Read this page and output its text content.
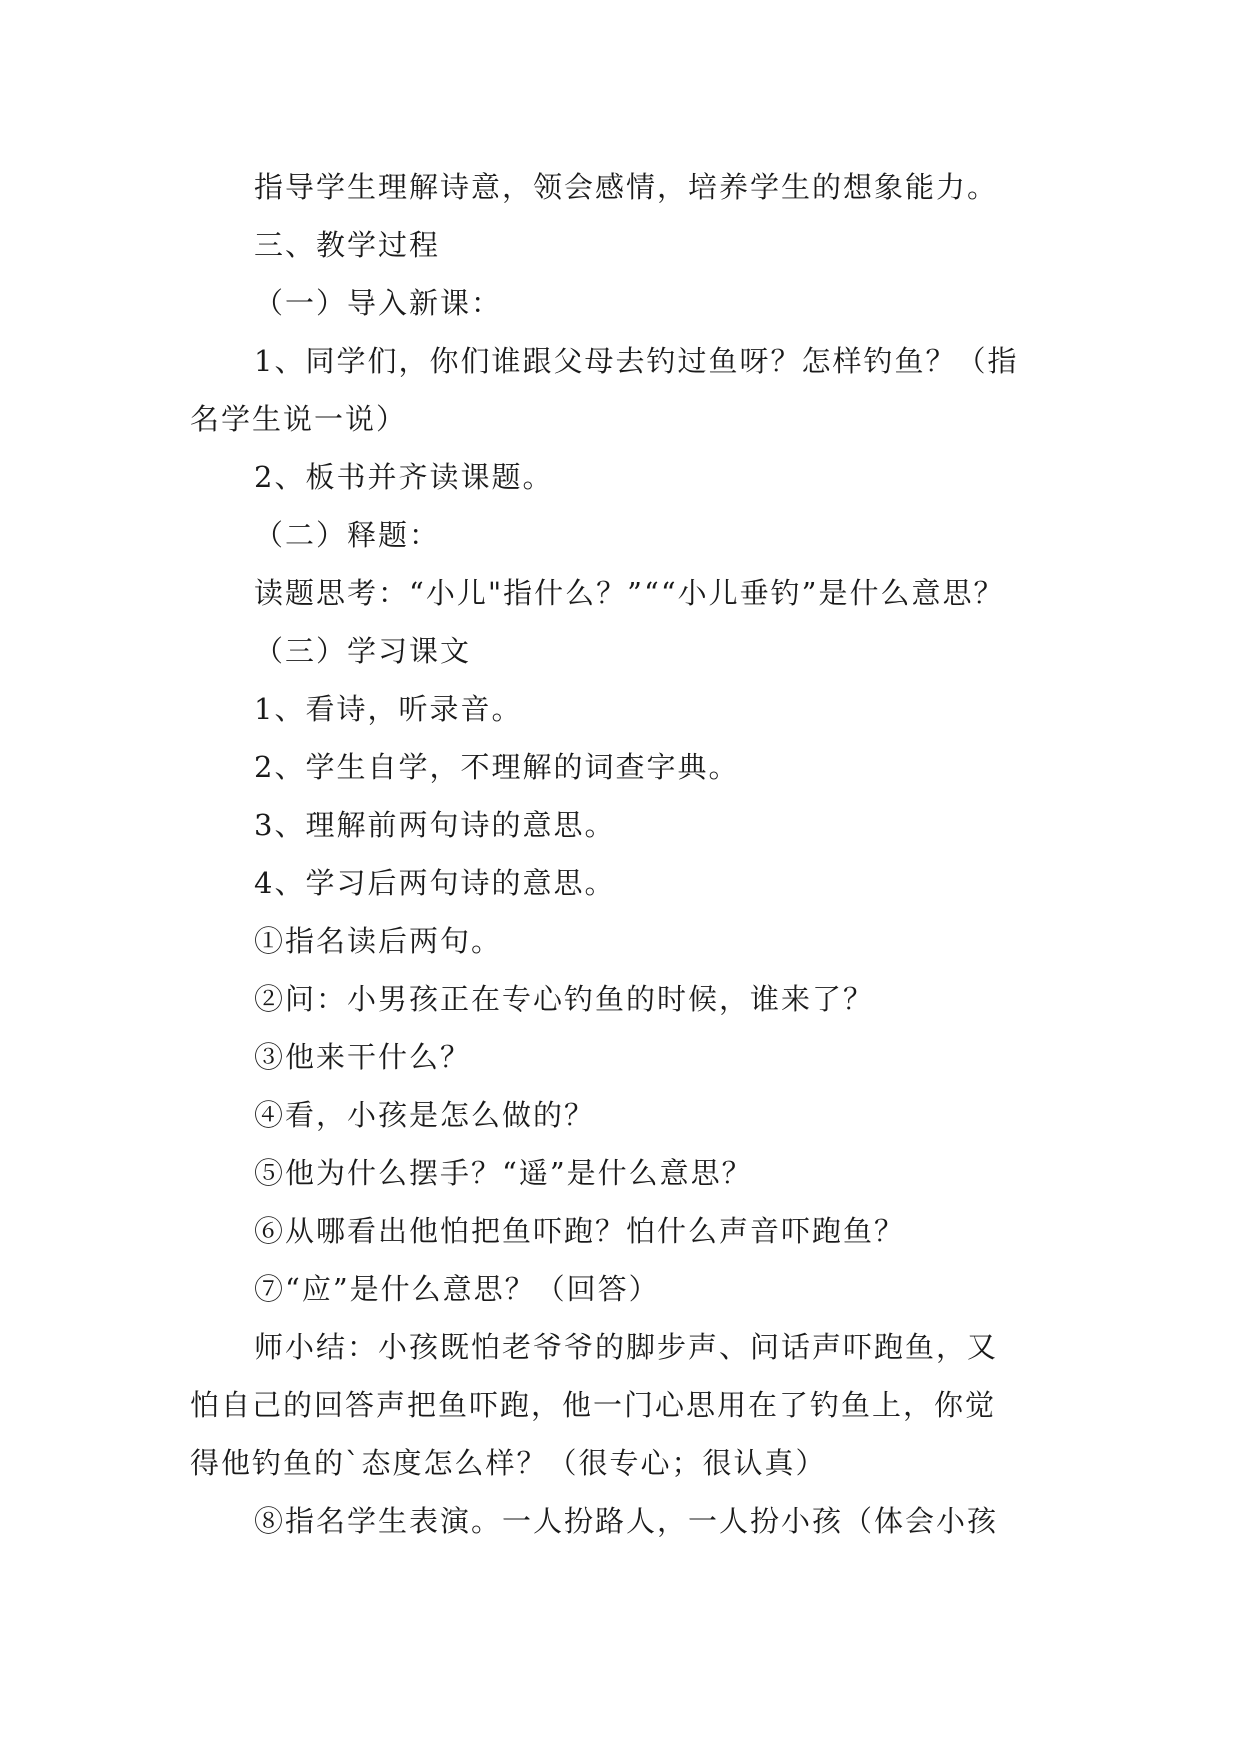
指导学生理解诗意，领会感情，培养学生的想象能力。
三、教学过程
（一）导入新课：
1、同学们，你们谁跟父母去钓过鱼呀？怎样钓鱼？（指
名学生说一说）
2、板书并齐读课题。
（二）释题：
读题思考：“小儿"指什么？”““小儿垂钓”是什么意思？
（三）学习课文
1、看诗，听录音。
2、学生自学，不理解的词查字典。
3、理解前两句诗的意思。
4、学习后两句诗的意思。
①指名读后两句。
②问：小男孩正在专心钓鱼的时候，谁来了？
③他来干什么？
④看，小孩是怎么做的？
⑤他为什么摆手？“遥”是什么意思？
⑥从哪看出他怕把鱼吓跑？怕什么声音吓跑鱼？
⑦“应”是什么意思？（回答）
师小结：小孩既怕老爷爷的脚步声、问话声吓跑鱼，又
怕自己的回答声把鱼吓跑，他一门心思用在了钓鱼上，你觉
得他钓鱼的`态度怎么样？（很专心；很认真）
⑧指名学生表演。一人扮路人，一人扮小孩（体会小孩
